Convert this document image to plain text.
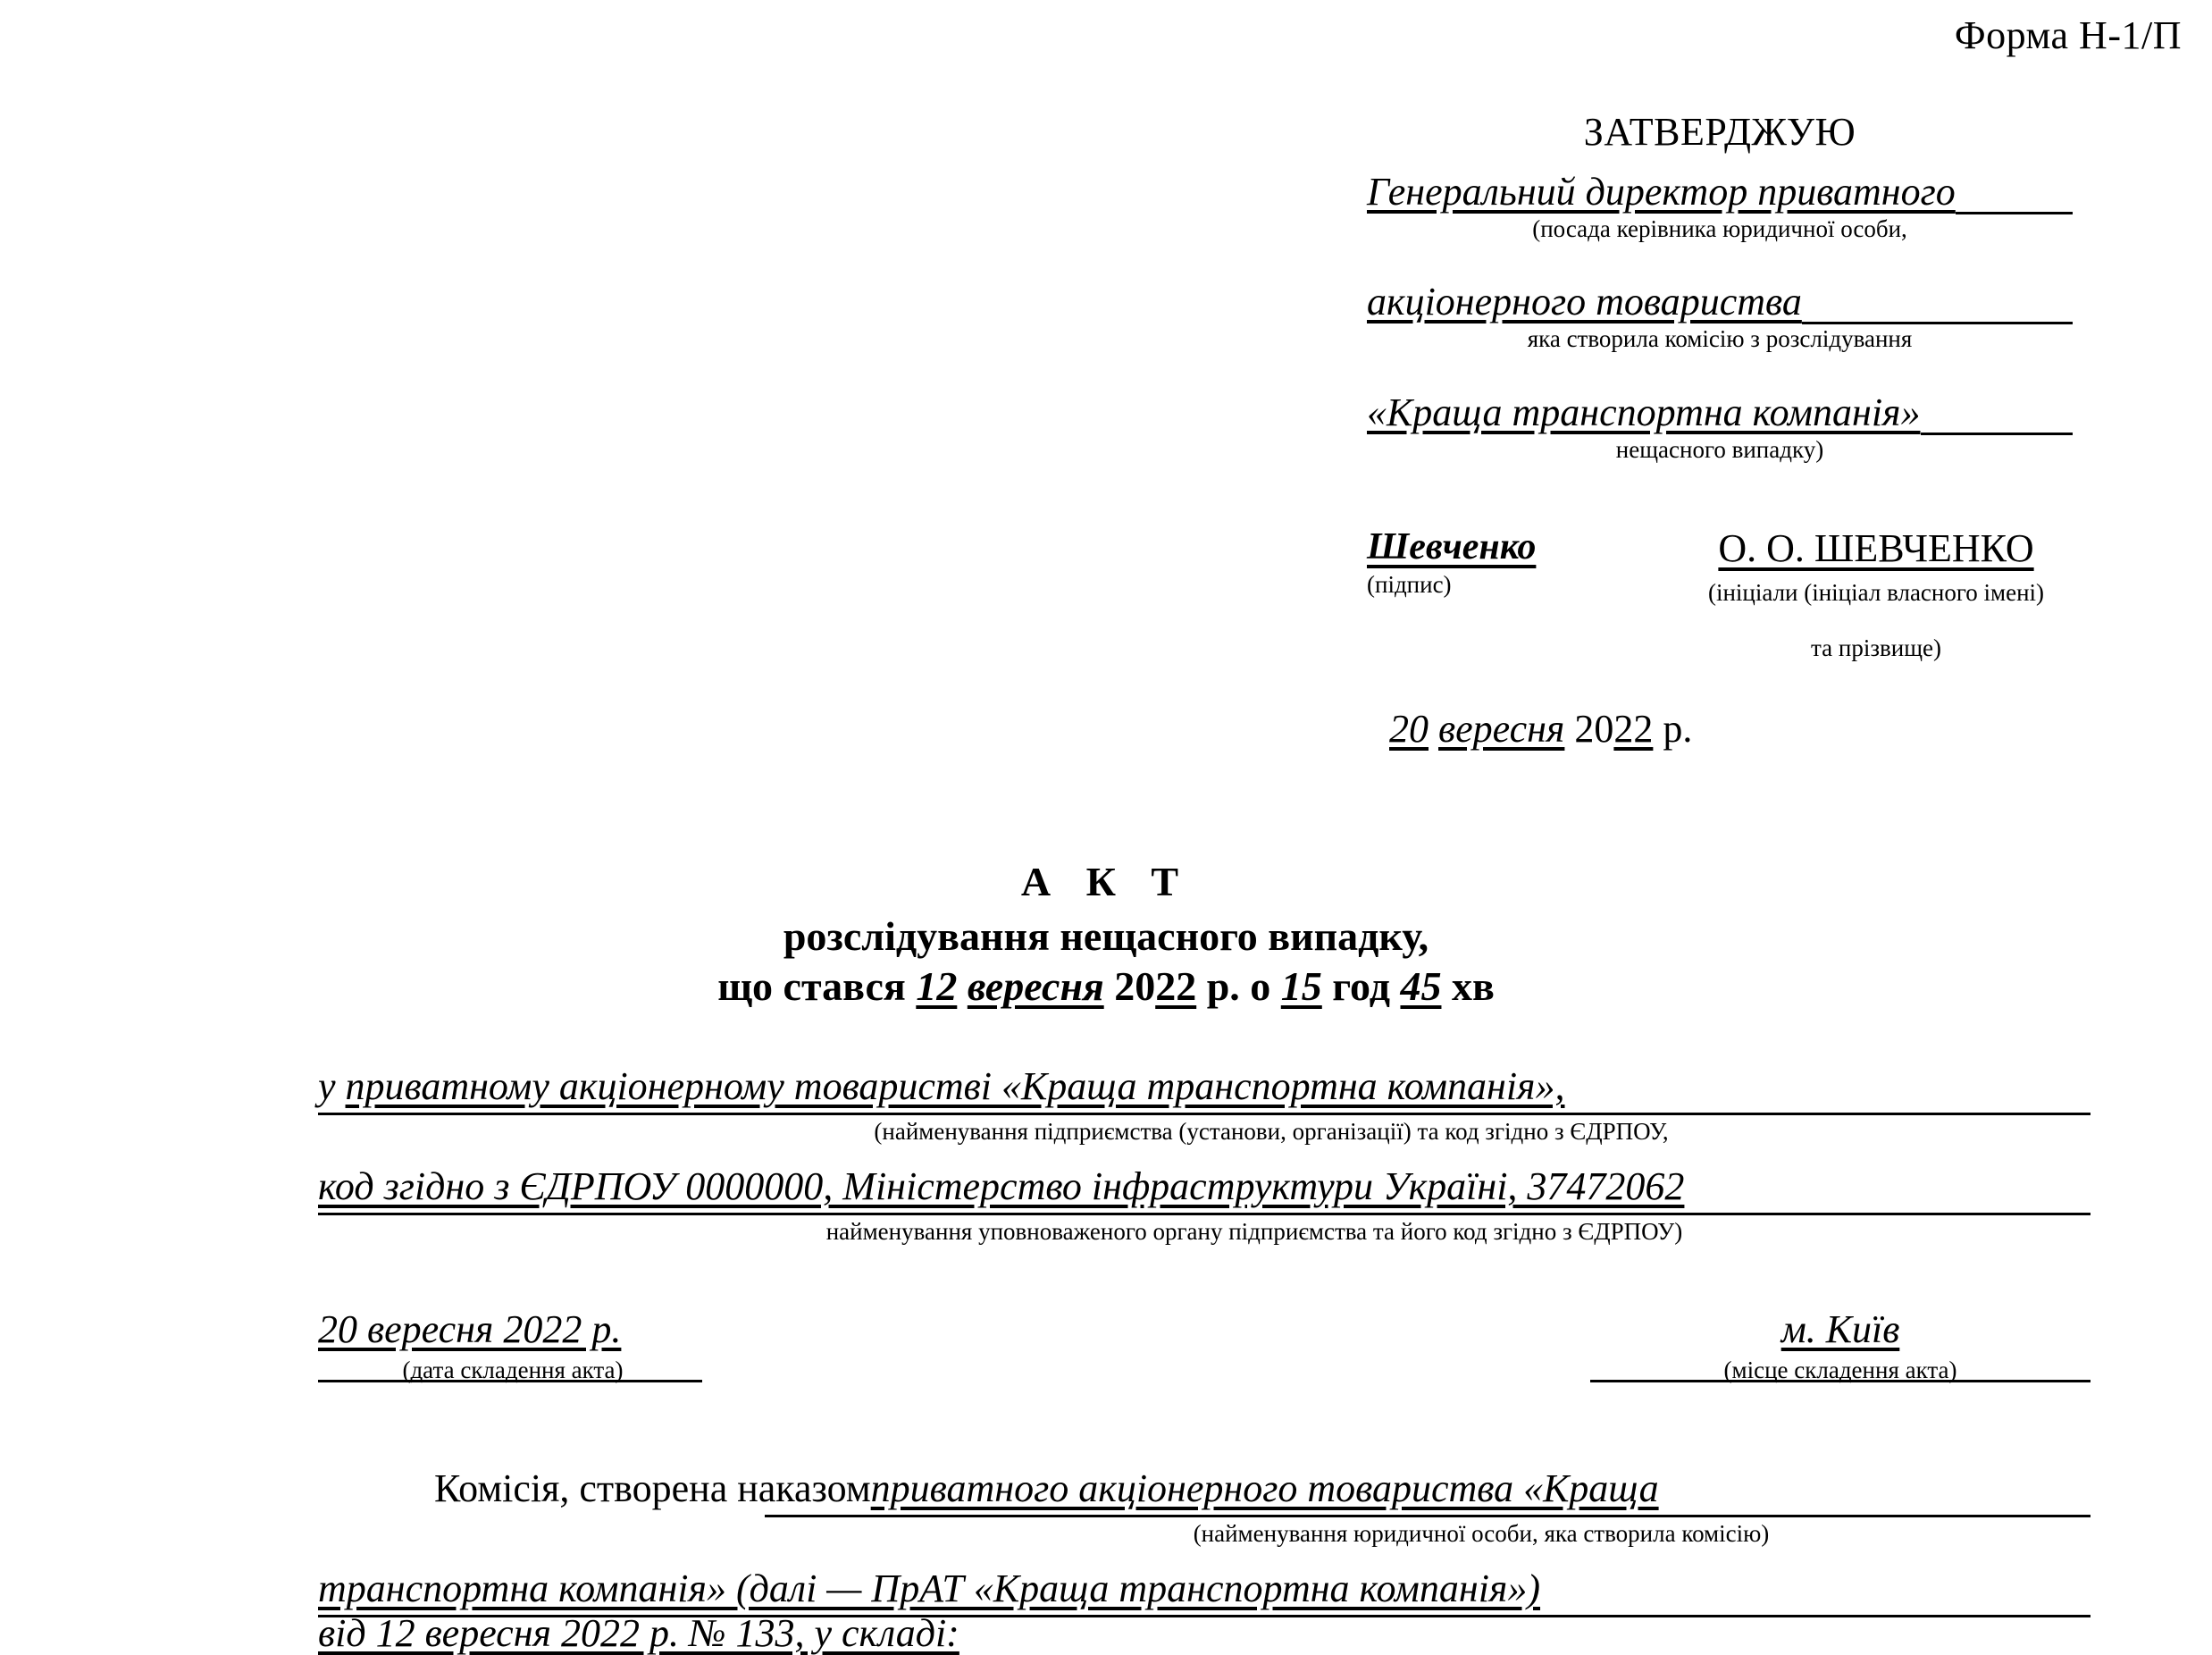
Форма Н-1/П
ЗАТВЕРДЖУЮ
Генеральний директор приватного
(посада керівника юридичної особи,
акціонерного товариства
яка створила комісію з розслідування
«Краща транспортна компанія»
нещасного випадку)
Шевченко
(підпис)
О. О. ШЕВЧЕНКО
(ініціали (ініціал власного імені)
та прізвище)
20 вересня 2022 р.
А К Т
розслідування нещасного випадку,
що стався 12 вересня 2022 р. о 15 год 45 хв
у приватному акціонерному товаристві «Краща транспортна компанія»,
(найменування підприємства (установи, організації) та код згідно з ЄДРПОУ,
код згідно з ЄДРПОУ 0000000, Міністерство інфраструктури Україні, 37472062
найменування уповноваженого органу підприємства та його код згідно з ЄДРПОУ)
20 вересня 2022 р.
(дата складення акта)
м. Київ
(місце складення акта)
Комісія, створена наказомприватного акціонерного товариства «Краща
(найменування юридичної особи, яка створила комісію)
транспортна компанія» (далі — ПрАТ «Краща транспортна компанія»)
від 12 вересня 2022 р. № 133, у складі:
